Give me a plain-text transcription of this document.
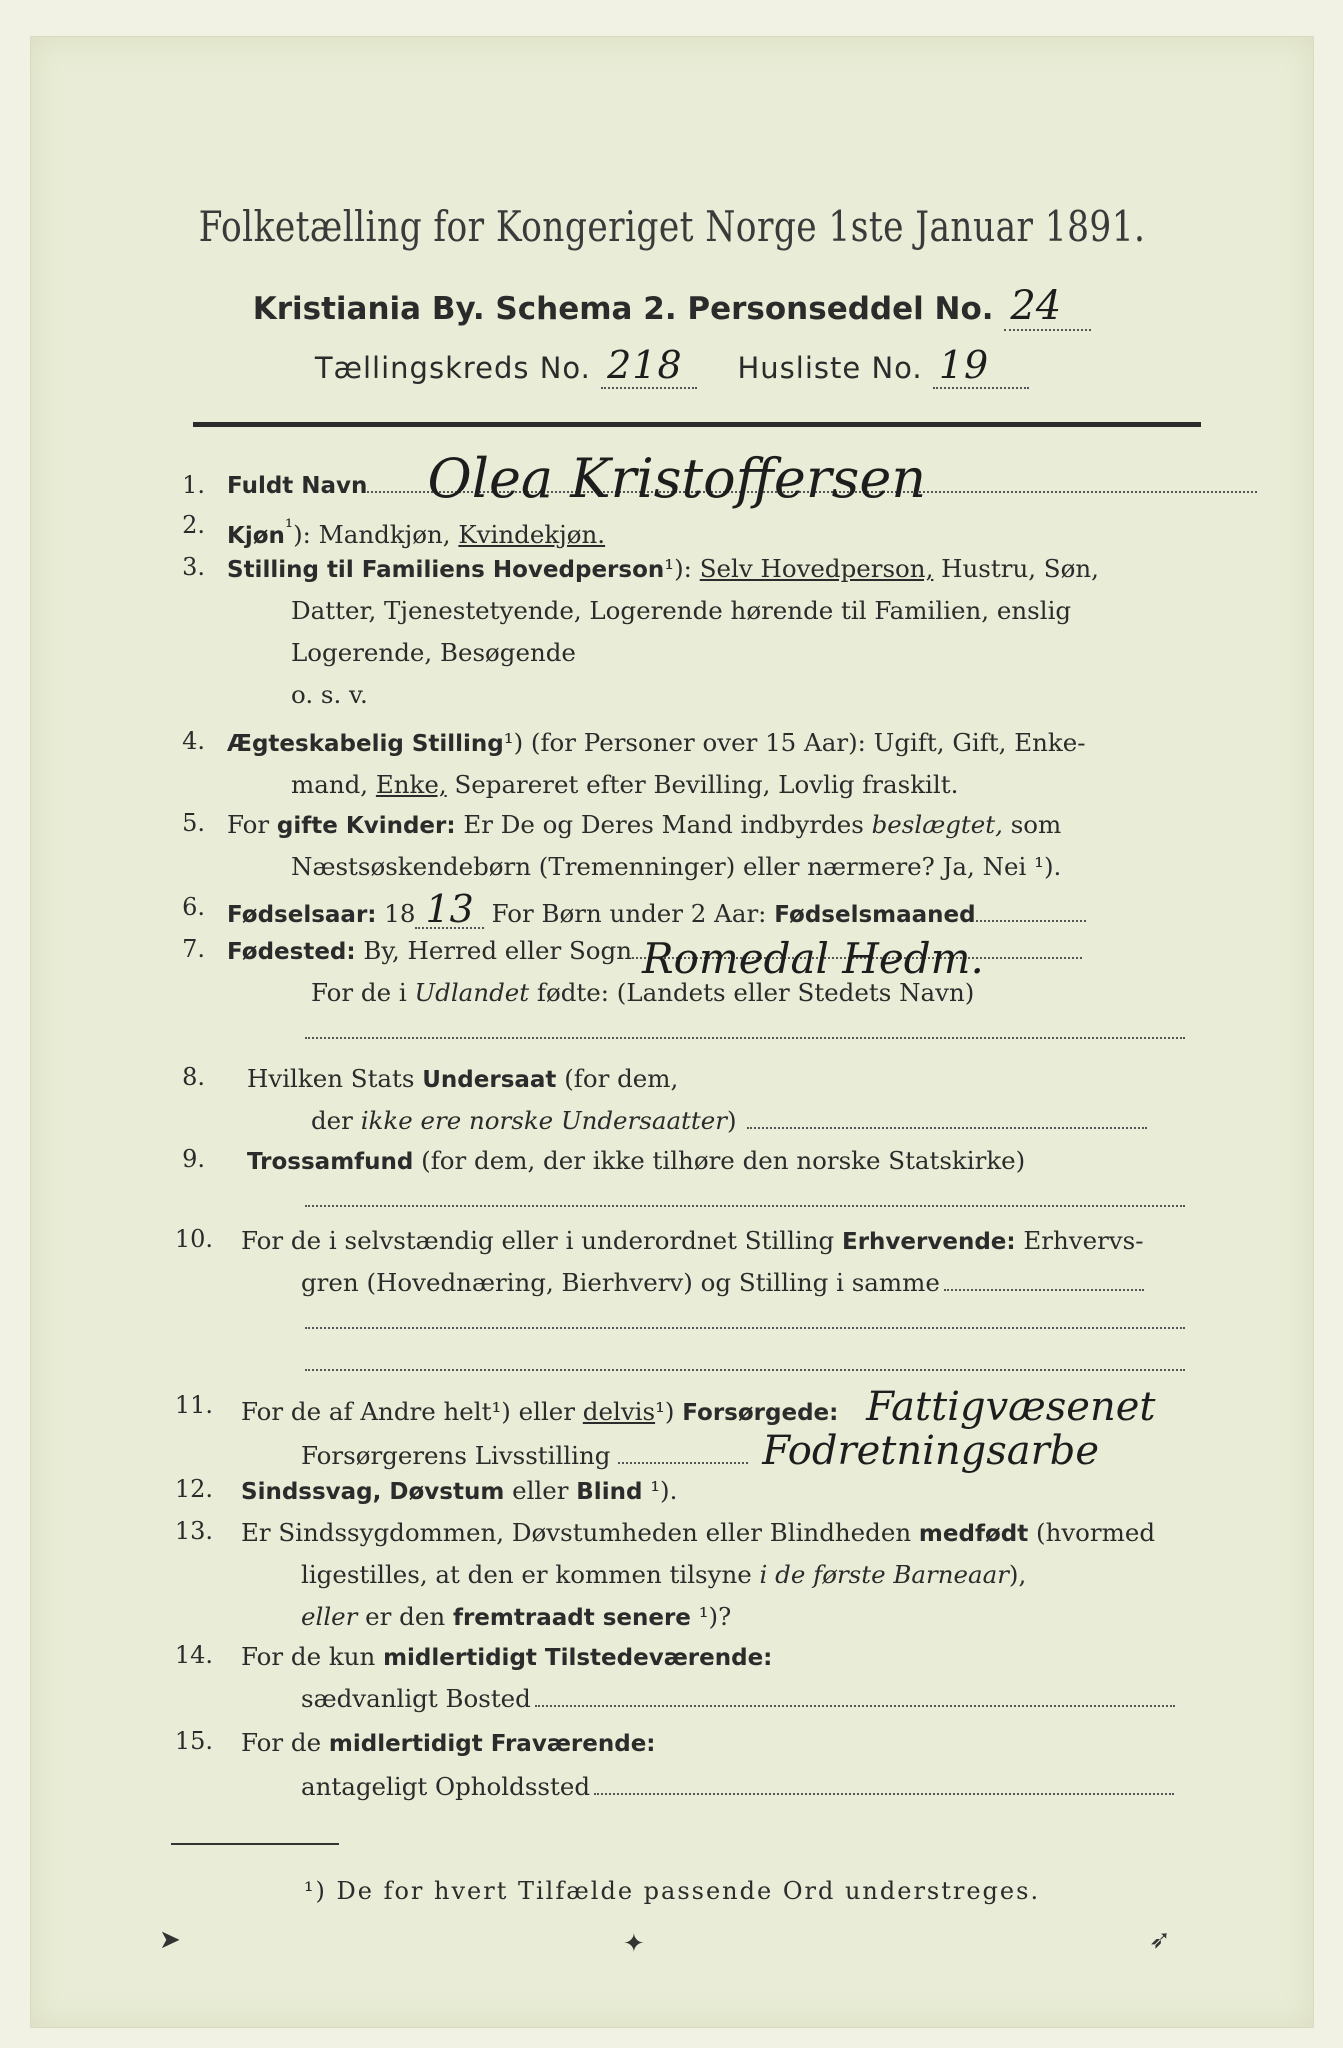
Folketælling for Kongeriget Norge 1ste Januar 1891.
Kristiania By. Schema 2. Personseddel No. 24
Tællingskreds No. 218 Husliste No. 19
1. Fuldt Navn Olea Kristoffersen
2. Kjøn$^{^1}$): Mandkjøn, Kvindekjøn.
3. Stilling til Familiens Hovedperson¹): Selv Hovedperson, Hustru, Søn,
Datter, Tjenestetyende, Logerende hørende til Familien, enslig
Logerende, Besøgende
o. s. v.
4. Ægteskabelig Stilling¹) (for Personer over 15 Aar): Ugift, Gift, Enke-
mand, Enke, Separeret efter Bevilling, Lovlig fraskilt.
5. For gifte Kvinder: Er De og Deres Mand indbyrdes beslægtet, som
Næstsøskendebørn (Tremenninger) eller nærmere? Ja, Nei ¹).
6. Fødselsaar: 18 13 For Børn under 2 Aar: Fødselsmaaned
7. Fødested: By, Herred eller Sogn Romedal Hedm.
For de i Udlandet fødte: (Landets eller Stedets Navn)
8. Hvilken Stats Undersaat (for dem,
der ikke ere norske Undersaatter)
9. Trossamfund (for dem, der ikke tilhøre den norske Statskirke)
10. For de i selvstændig eller i underordnet Stilling Erhvervende: Erhvervs-
gren (Hovednæring, Bierhverv) og Stilling i samme
11. For de af Andre helt¹) eller delvis¹) Forsørgede: Fattigvæsenet
Forsørgerens Livsstilling	Fodretningsarbe
12. Sindssvag, Døvstum eller Blind ¹).
13. Er Sindssygdommen, Døvstumheden eller Blindheden medfødt (hvormed
ligestilles, at den er kommen tilsyne i de første Barneaar),
eller er den fremtraadt senere ¹)?
14. For de kun midlertidigt Tilstedeværende:
sædvanligt Bosted
15. For de midlertidigt Fraværende:
antageligt Opholdssted
¹) De for hvert Tilfælde passende Ord understreges.
➤	✦	➶
